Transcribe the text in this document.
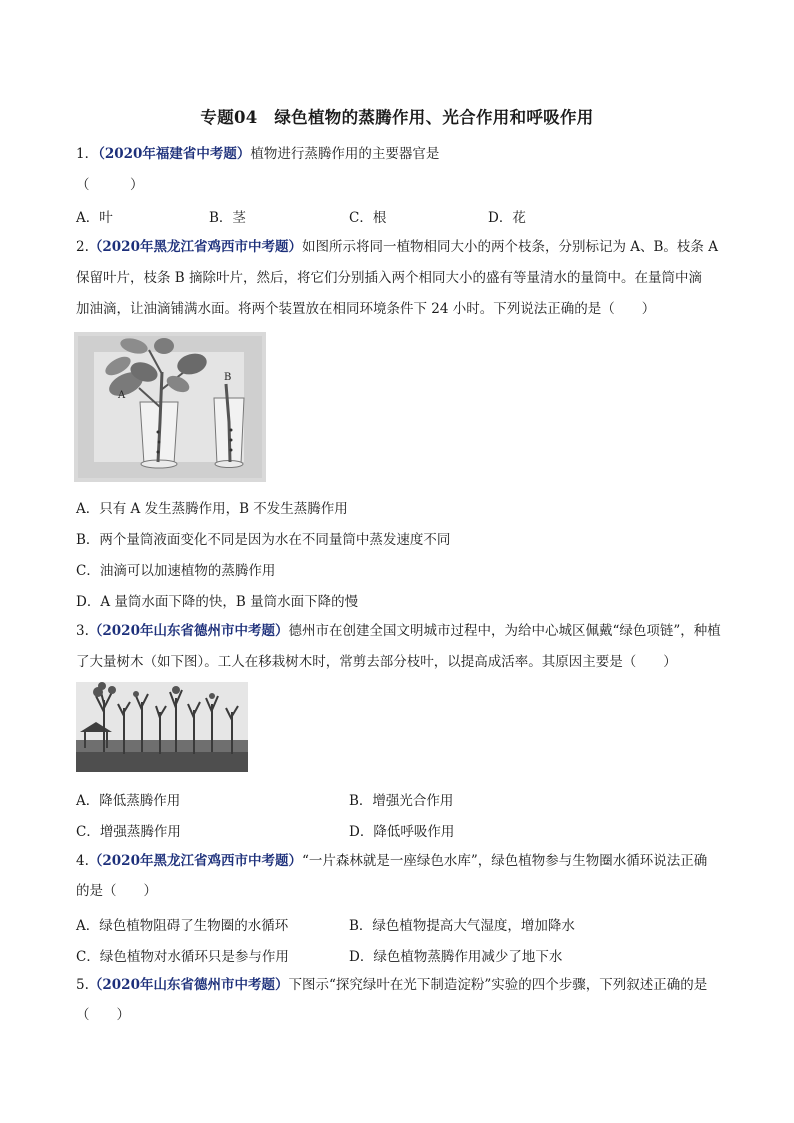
专题04　绿色植物的蒸腾作用、光合作用和呼吸作用
1．（2020年福建省中考题）植物进行蒸腾作用的主要器官是
（　　　）
A．叶	B．茎	C．根	D．花
2.（2020年黑龙江省鸡西市中考题）如图所示将同一植物相同大小的两个枝条，分别标记为 A、B。枝条 A
保留叶片，枝条 B 摘除叶片，然后，将它们分别插入两个相同大小的盛有等量清水的量筒中。在量筒中滴
加油滴，让油滴铺满水面。将两个装置放在相同环境条件下 24 小时。下列说法正确的是（　　）
A
B
A．只有 A 发生蒸腾作用，B 不发生蒸腾作用
B．两个量筒液面变化不同是因为水在不同量筒中蒸发速度不同
C．油滴可以加速植物的蒸腾作用
D．A 量筒水面下降的快，B 量筒水面下降的慢
3.（2020年山东省德州市中考题）德州市在创建全国文明城市过程中，为给中心城区佩戴“绿色项链”，种植
了大量树木（如下图）。工人在移栽树木时，常剪去部分枝叶，以提高成活率。其原因主要是（　　）
A．降低蒸腾作用	B．增强光合作用
C．增强蒸腾作用	D．降低呼吸作用
4.（2020年黑龙江省鸡西市中考题）“一片森林就是一座绿色水库”，绿色植物参与生物圈水循环说法正确
的是（　　）
A．绿色植物阻碍了生物圈的水循环	B．绿色植物提高大气湿度，增加降水
C．绿色植物对水循环只是参与作用	D．绿色植物蒸腾作用减少了地下水
5.（2020年山东省德州市中考题）下图示“探究绿叶在光下制造淀粉”实验的四个步骤，下列叙述正确的是
（　　）
